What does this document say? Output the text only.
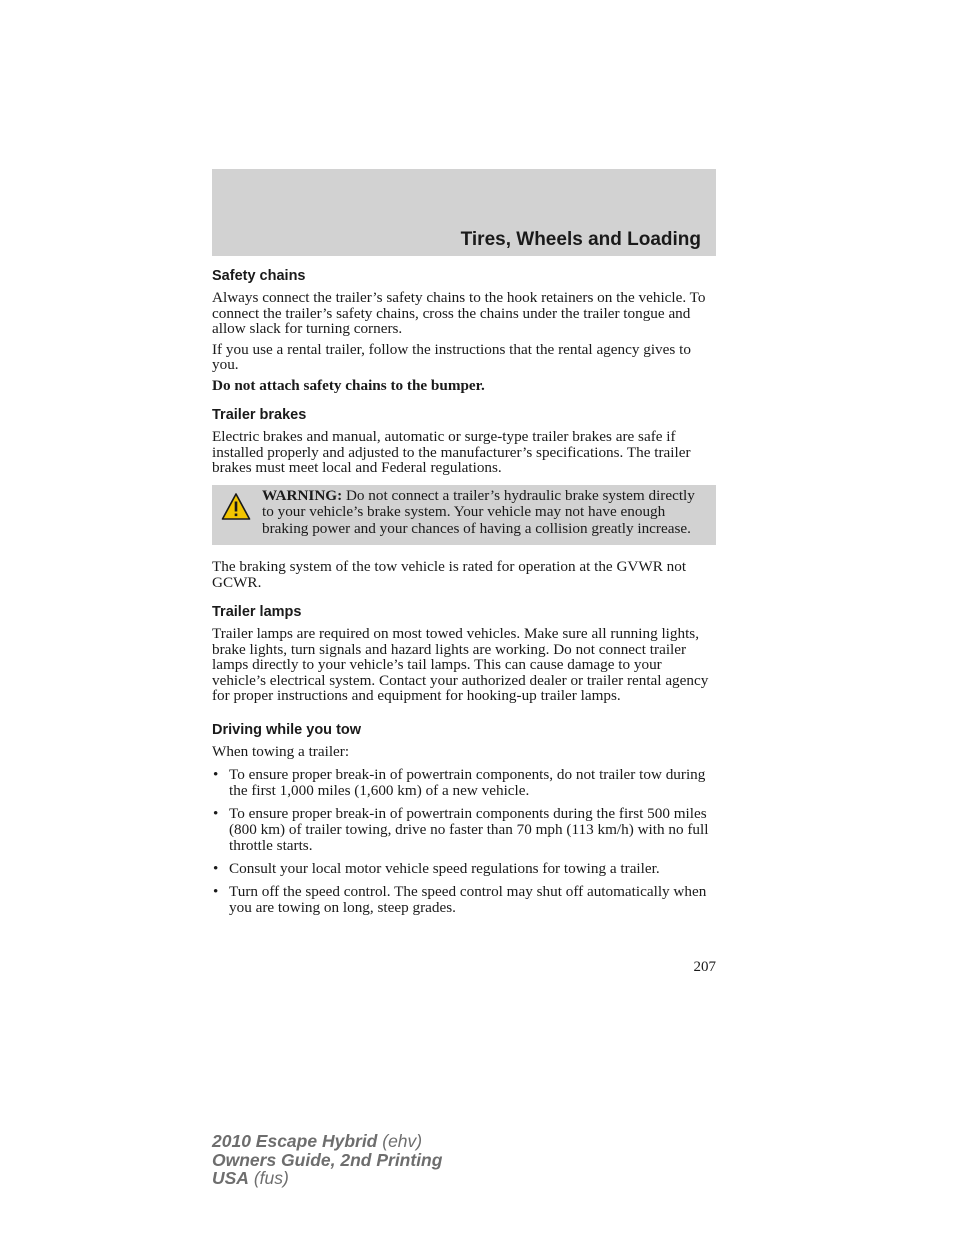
Tires, Wheels and Loading
Safety chains

Always connect the trailer’s safety chains to the hook retainers on the vehicle. To connect the trailer’s safety chains, cross the chains under the trailer tongue and allow slack for turning corners.

If you use a rental trailer, follow the instructions that the rental agency gives to you.

Do not attach safety chains to the bumper.

Trailer brakes

Electric brakes and manual, automatic or surge-type trailer brakes are safe if installed properly and adjusted to the manufacturer’s specifications. The trailer brakes must meet local and Federal regulations.

WARNING: Do not connect a trailer’s hydraulic brake system directly to your vehicle’s brake system. Your vehicle may not have enough braking power and your chances of having a collision greatly increase.

The braking system of the tow vehicle is rated for operation at the GVWR not GCWR.

Trailer lamps

Trailer lamps are required on most towed vehicles. Make sure all running lights, brake lights, turn signals and hazard lights are working. Do not connect trailer lamps directly to your vehicle’s tail lamps. This can cause damage to your vehicle’s electrical system. Contact your authorized dealer or trailer rental agency for proper instructions and equipment for hooking-up trailer lamps.

Driving while you tow

When towing a trailer:

• To ensure proper break-in of powertrain components, do not trailer tow during the first 1,000 miles (1,600 km) of a new vehicle.
• To ensure proper break-in of powertrain components during the first 500 miles (800 km) of trailer towing, drive no faster than 70 mph (113 km/h) with no full throttle starts.
• Consult your local motor vehicle speed regulations for towing a trailer.
• Turn off the speed control. The speed control may shut off automatically when you are towing on long, steep grades.
207
2010 Escape Hybrid (ehv)
Owners Guide, 2nd Printing
USA (fus)
